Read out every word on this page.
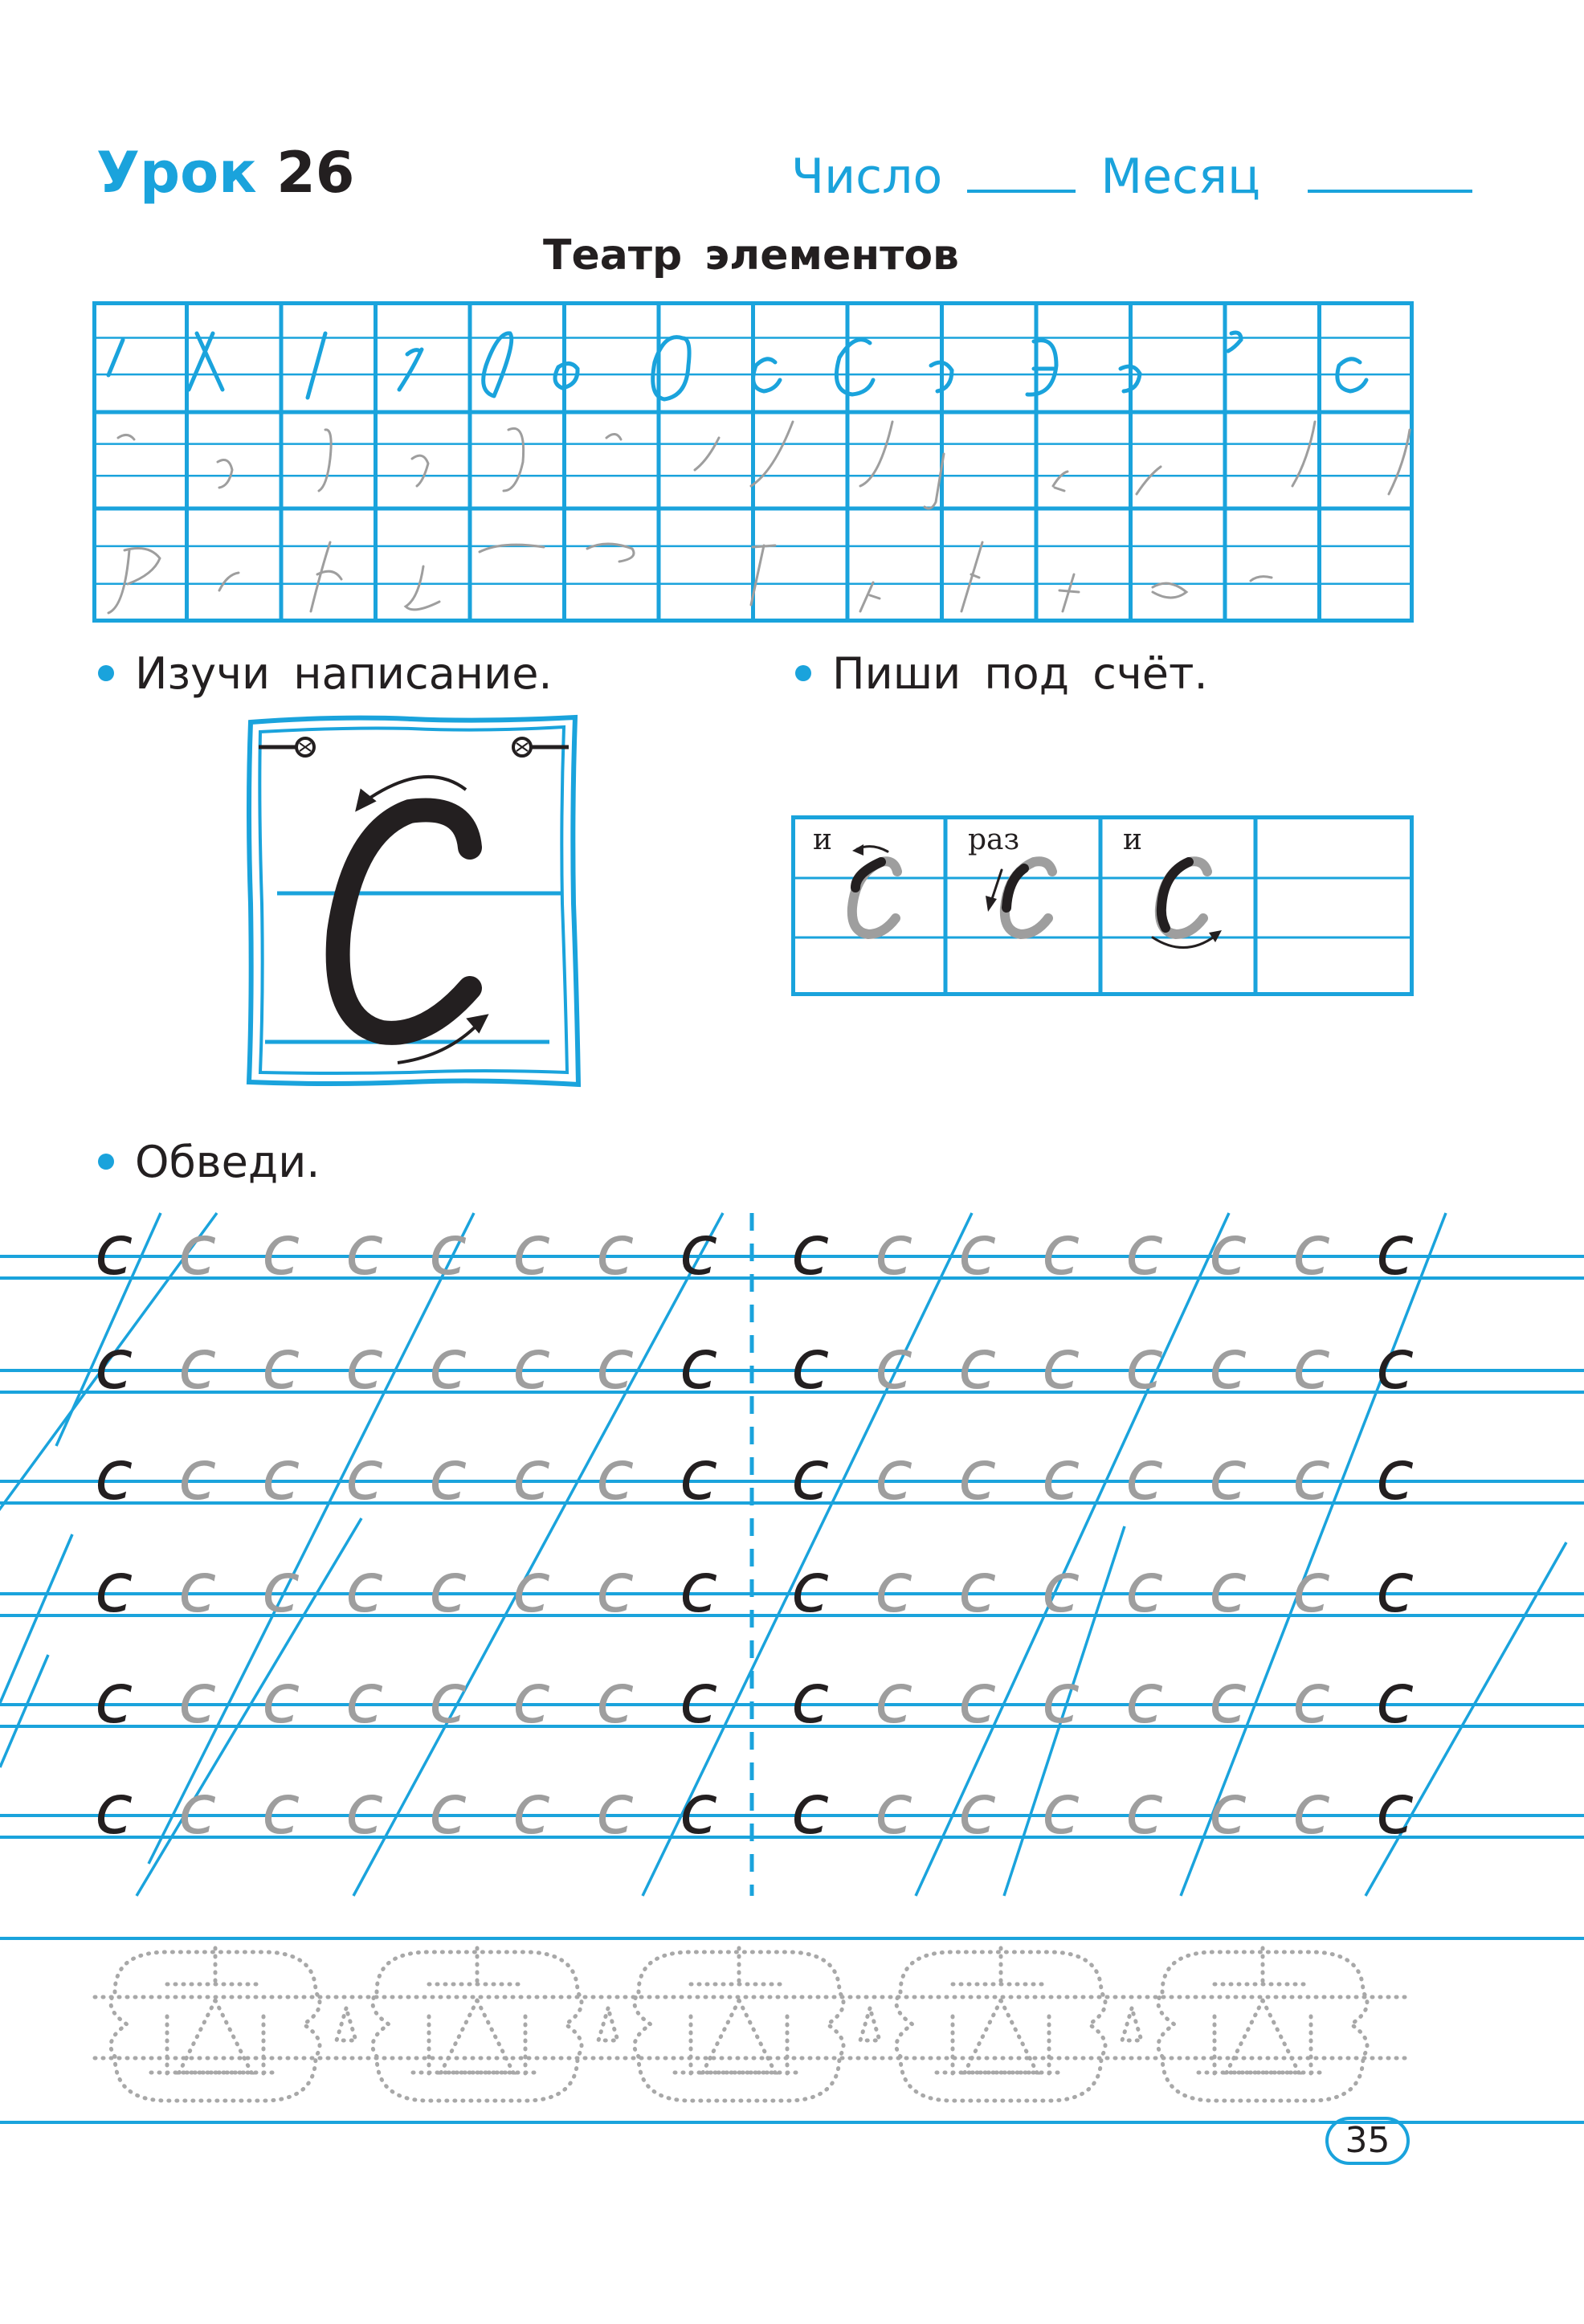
Урок 26	Число	Месяц
Театр элементов
Изучи написание.	Пиши под счёт.
и	раз	и
Обведи.
с с с с с с с с с с с с с с с с
с с с с с с с с с с с с с с с с
с с с с с с с с с с с с с с с с
с с с с с с с с с с с с с с с с
с с с с с с с с с с с с с с с с
с с с с с с с с с с с с с с с с
35
